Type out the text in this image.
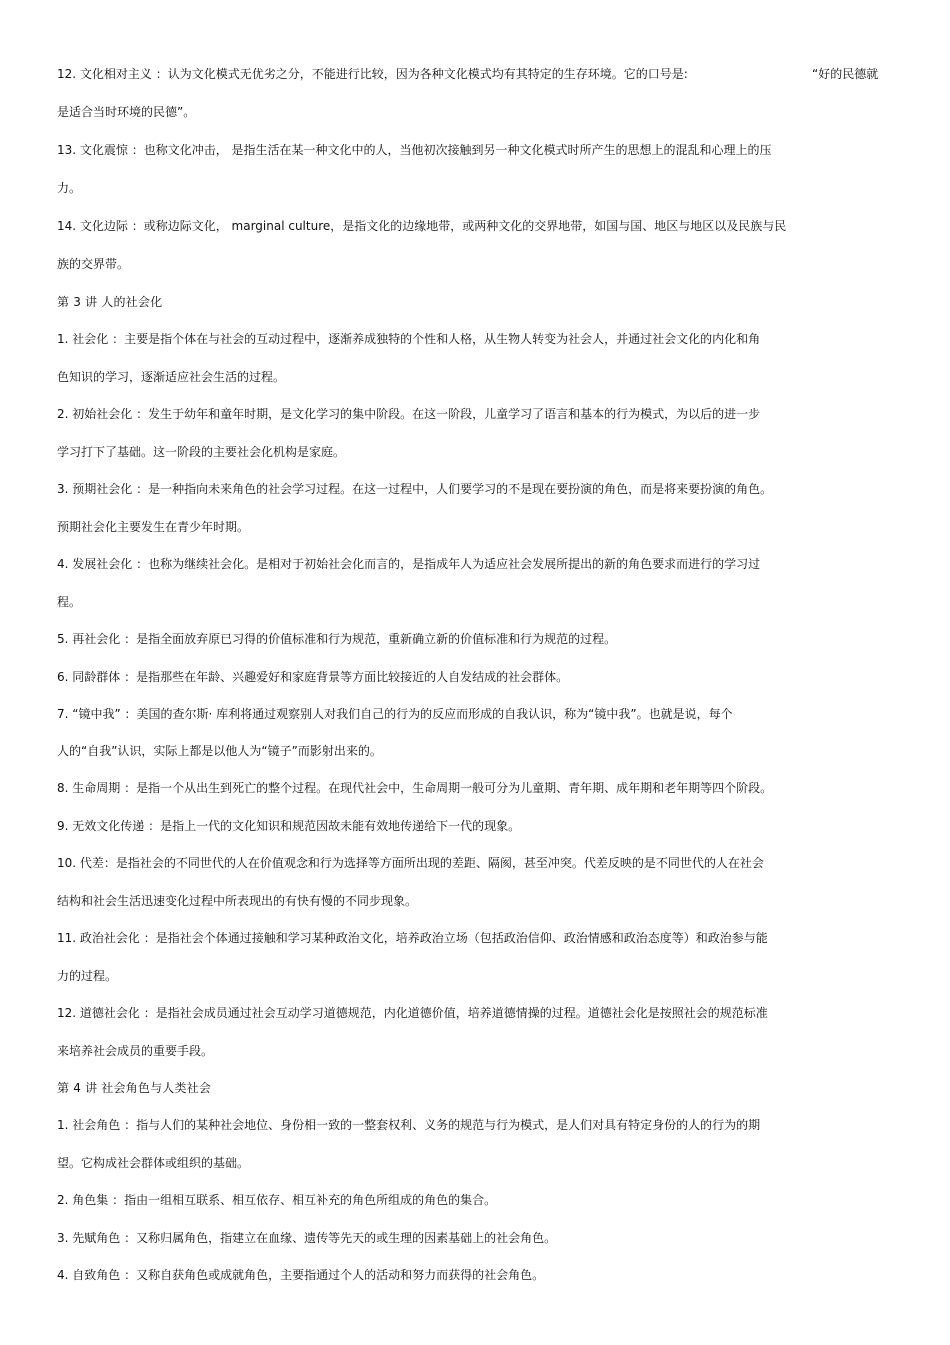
12. 文化相对主义 ：认为文化模式无优劣之分，不能进行比较，因为各种文化模式均有其特定的生存环境。它的口号是:	“好的民德就
是适合当时环境的民德”。
13. 文化震惊 ：也称文化冲击， 是指生活在某一种文化中的人，当他初次接触到另一种文化模式时所产生的思想上的混乱和心理上的压
力。
14. 文化边际 ：或称边际文化， marginal culture，是指文化的边缘地带，或两种文化的交界地带，如国与国、地区与地区以及民族与民
族的交界带。
第 3 讲 人的社会化
1. 社会化 ：主要是指个体在与社会的互动过程中，逐渐养成独特的个性和人格，从生物人转变为社会人，并通过社会文化的内化和角
色知识的学习，逐渐适应社会生活的过程。
2. 初始社会化 ：发生于幼年和童年时期，是文化学习的集中阶段。在这一阶段，儿童学习了语言和基本的行为模式，为以后的进一步
学习打下了基础。这一阶段的主要社会化机构是家庭。
3. 预期社会化 ：是一种指向未来角色的社会学习过程。在这一过程中，人们要学习的不是现在要扮演的角色，而是将来要扮演的角色。
预期社会化主要发生在青少年时期。
4. 发展社会化 ：也称为继续社会化。是相对于初始社会化而言的，是指成年人为适应社会发展所提出的新的角色要求而进行的学习过
程。
5. 再社会化 ：是指全面放弃原已习得的价值标准和行为规范，重新确立新的价值标准和行为规范的过程。
6. 同龄群体 ：是指那些在年龄、兴趣爱好和家庭背景等方面比较接近的人自发结成的社会群体。
7. “镜中我” ：美国的查尔斯· 库利将通过观察别人对我们自己的行为的反应而形成的自我认识，称为“镜中我”。也就是说，每个
人的“自我”认识，实际上都是以他人为“镜子”而影射出来的。
8. 生命周期 ：是指一个从出生到死亡的整个过程。在现代社会中，生命周期一般可分为儿童期、青年期、成年期和老年期等四个阶段。
9. 无效文化传递 ：是指上一代的文化知识和规范因故未能有效地传递给下一代的现象。
10. 代差：是指社会的不同世代的人在价值观念和行为选择等方面所出现的差距、隔阂，甚至冲突。代差反映的是不同世代的人在社会
结构和社会生活迅速变化过程中所表现出的有快有慢的不同步现象。
11. 政治社会化 ：是指社会个体通过接触和学习某种政治文化，培养政治立场（包括政治信仰、政治情感和政治态度等）和政治参与能
力的过程。
12. 道德社会化 ：是指社会成员通过社会互动学习道德规范，内化道德价值，培养道德情操的过程。道德社会化是按照社会的规范标准
来培养社会成员的重要手段。
第 4 讲 社会角色与人类社会
1. 社会角色 ：指与人们的某种社会地位、身份相一致的一整套权利、义务的规范与行为模式，是人们对具有特定身份的人的行为的期
望。它构成社会群体或组织的基础。
2. 角色集 ：指由一组相互联系、相互依存、相互补充的角色所组成的角色的集合。
3. 先赋角色 ：又称归属角色，指建立在血缘、遗传等先天的或生理的因素基础上的社会角色。
4. 自致角色 ：又称自获角色或成就角色，主要指通过个人的活动和努力而获得的社会角色。
